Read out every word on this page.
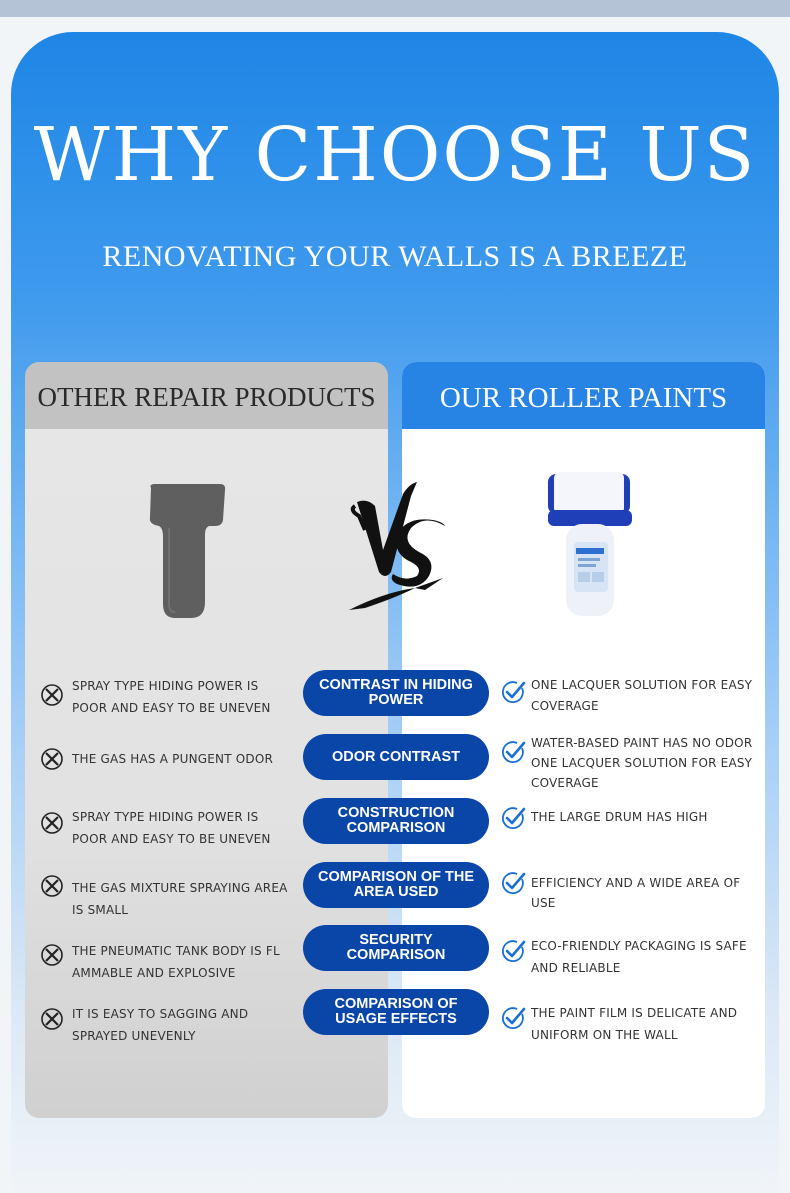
WHY CHOOSE US
RENOVATING YOUR WALLS IS A BREEZE
OTHER REPAIR PRODUCTS	OUR ROLLER PAINTS
CONTRAST IN HIDING POWER
ODOR CONTRAST
CONSTRUCTION COMPARISON
COMPARISON OF THE AREA USED
SECURITY COMPARISON
COMPARISON OF USAGE EFFECTS
SPRAY TYPE HIDING POWER IS POOR AND EASY TO BE UNEVEN
THE GAS HAS A PUNGENT ODOR
SPRAY TYPE HIDING POWER IS POOR AND EASY TO BE UNEVEN
THE GAS MIXTURE SPRAYING AREA IS SMALL
THE PNEUMATIC TANK BODY IS FL AMMABLE AND EXPLOSIVE
IT IS EASY TO SAGGING AND SPRAYED UNEVENLY
ONE LACQUER SOLUTION FOR EASY COVERAGE
WATER-BASED PAINT HAS NO ODOR ONE LACQUER SOLUTION FOR EASY COVERAGE
THE LARGE DRUM HAS HIGH
EFFICIENCY AND A WIDE AREA OF USE
ECO-FRIENDLY PACKAGING IS SAFE AND RELIABLE
THE PAINT FILM IS DELICATE AND UNIFORM ON THE WALL
